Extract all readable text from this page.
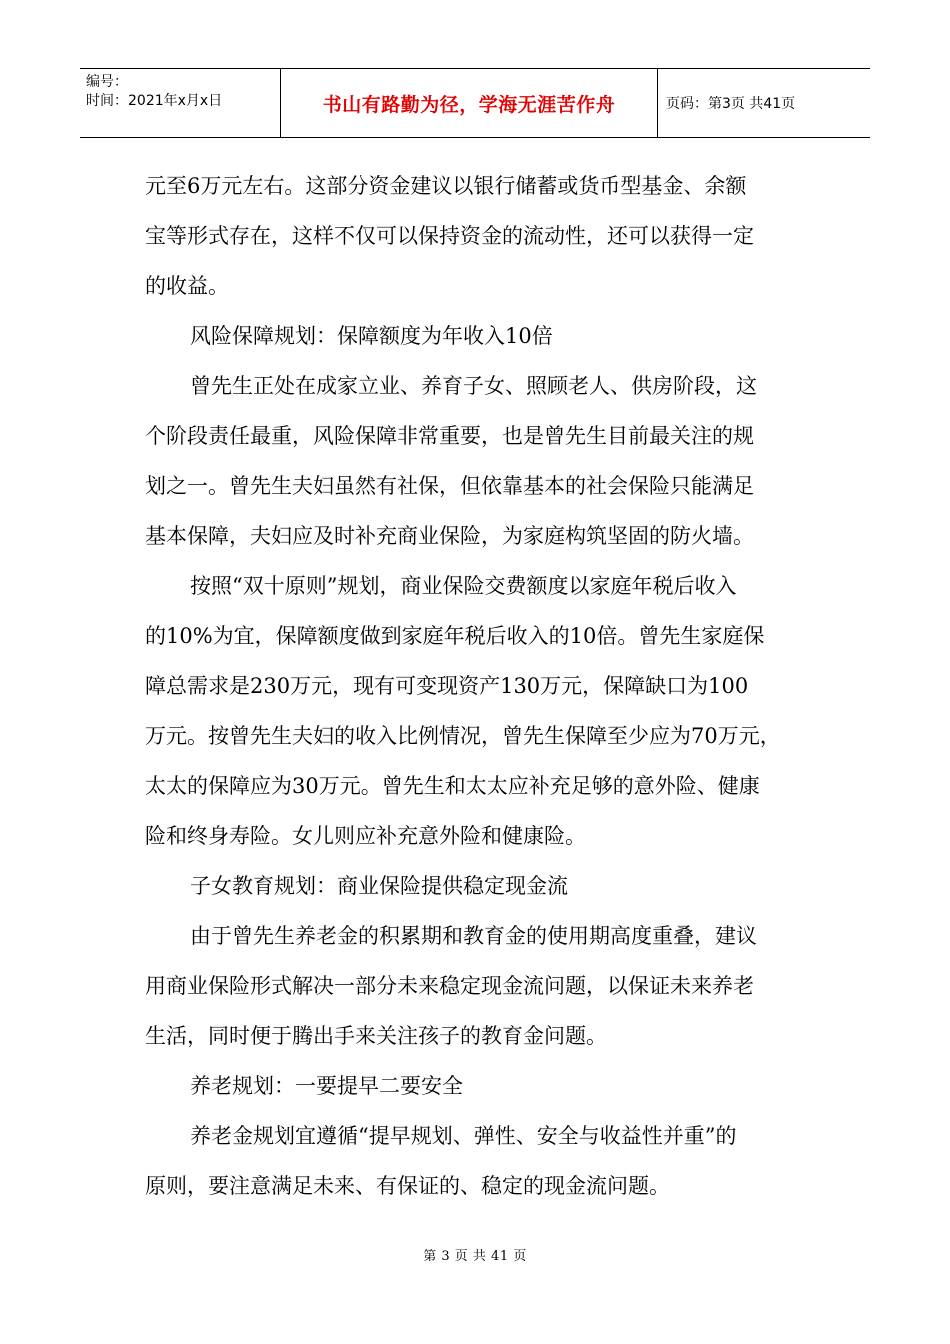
编号：
时间：2021年x月x日	书山有路勤为径，学海无涯苦作舟	页码：第3页 共41页

元至6万元左右。这部分资金建议以银行储蓄或货币型基金、余额

宝等形式存在，这样不仅可以保持资金的流动性，还可以获得一定

的收益。

风险保障规划：保障额度为年收入10倍

曾先生正处在成家立业、养育子女、照顾老人、供房阶段，这

个阶段责任最重，风险保障非常重要，也是曾先生目前最关注的规

划之一。曾先生夫妇虽然有社保，但依靠基本的社会保险只能满足

基本保障，夫妇应及时补充商业保险，为家庭构筑坚固的防火墙。

按照“双十原则”规划，商业保险交费额度以家庭年税后收入

的10%为宜，保障额度做到家庭年税后收入的10倍。曾先生家庭保

障总需求是230万元，现有可变现资产130万元，保障缺口为100

万元。按曾先生夫妇的收入比例情况，曾先生保障至少应为70万元，

太太的保障应为30万元。曾先生和太太应补充足够的意外险、健康

险和终身寿险。女儿则应补充意外险和健康险。

子女教育规划：商业保险提供稳定现金流

由于曾先生养老金的积累期和教育金的使用期高度重叠，建议

用商业保险形式解决一部分未来稳定现金流问题，以保证未来养老

生活，同时便于腾出手来关注孩子的教育金问题。

养老规划：一要提早二要安全

养老金规划宜遵循“提早规划、弹性、安全与收益性并重”的

原则，要注意满足未来、有保证的、稳定的现金流问题。

第 3 页 共 41 页
